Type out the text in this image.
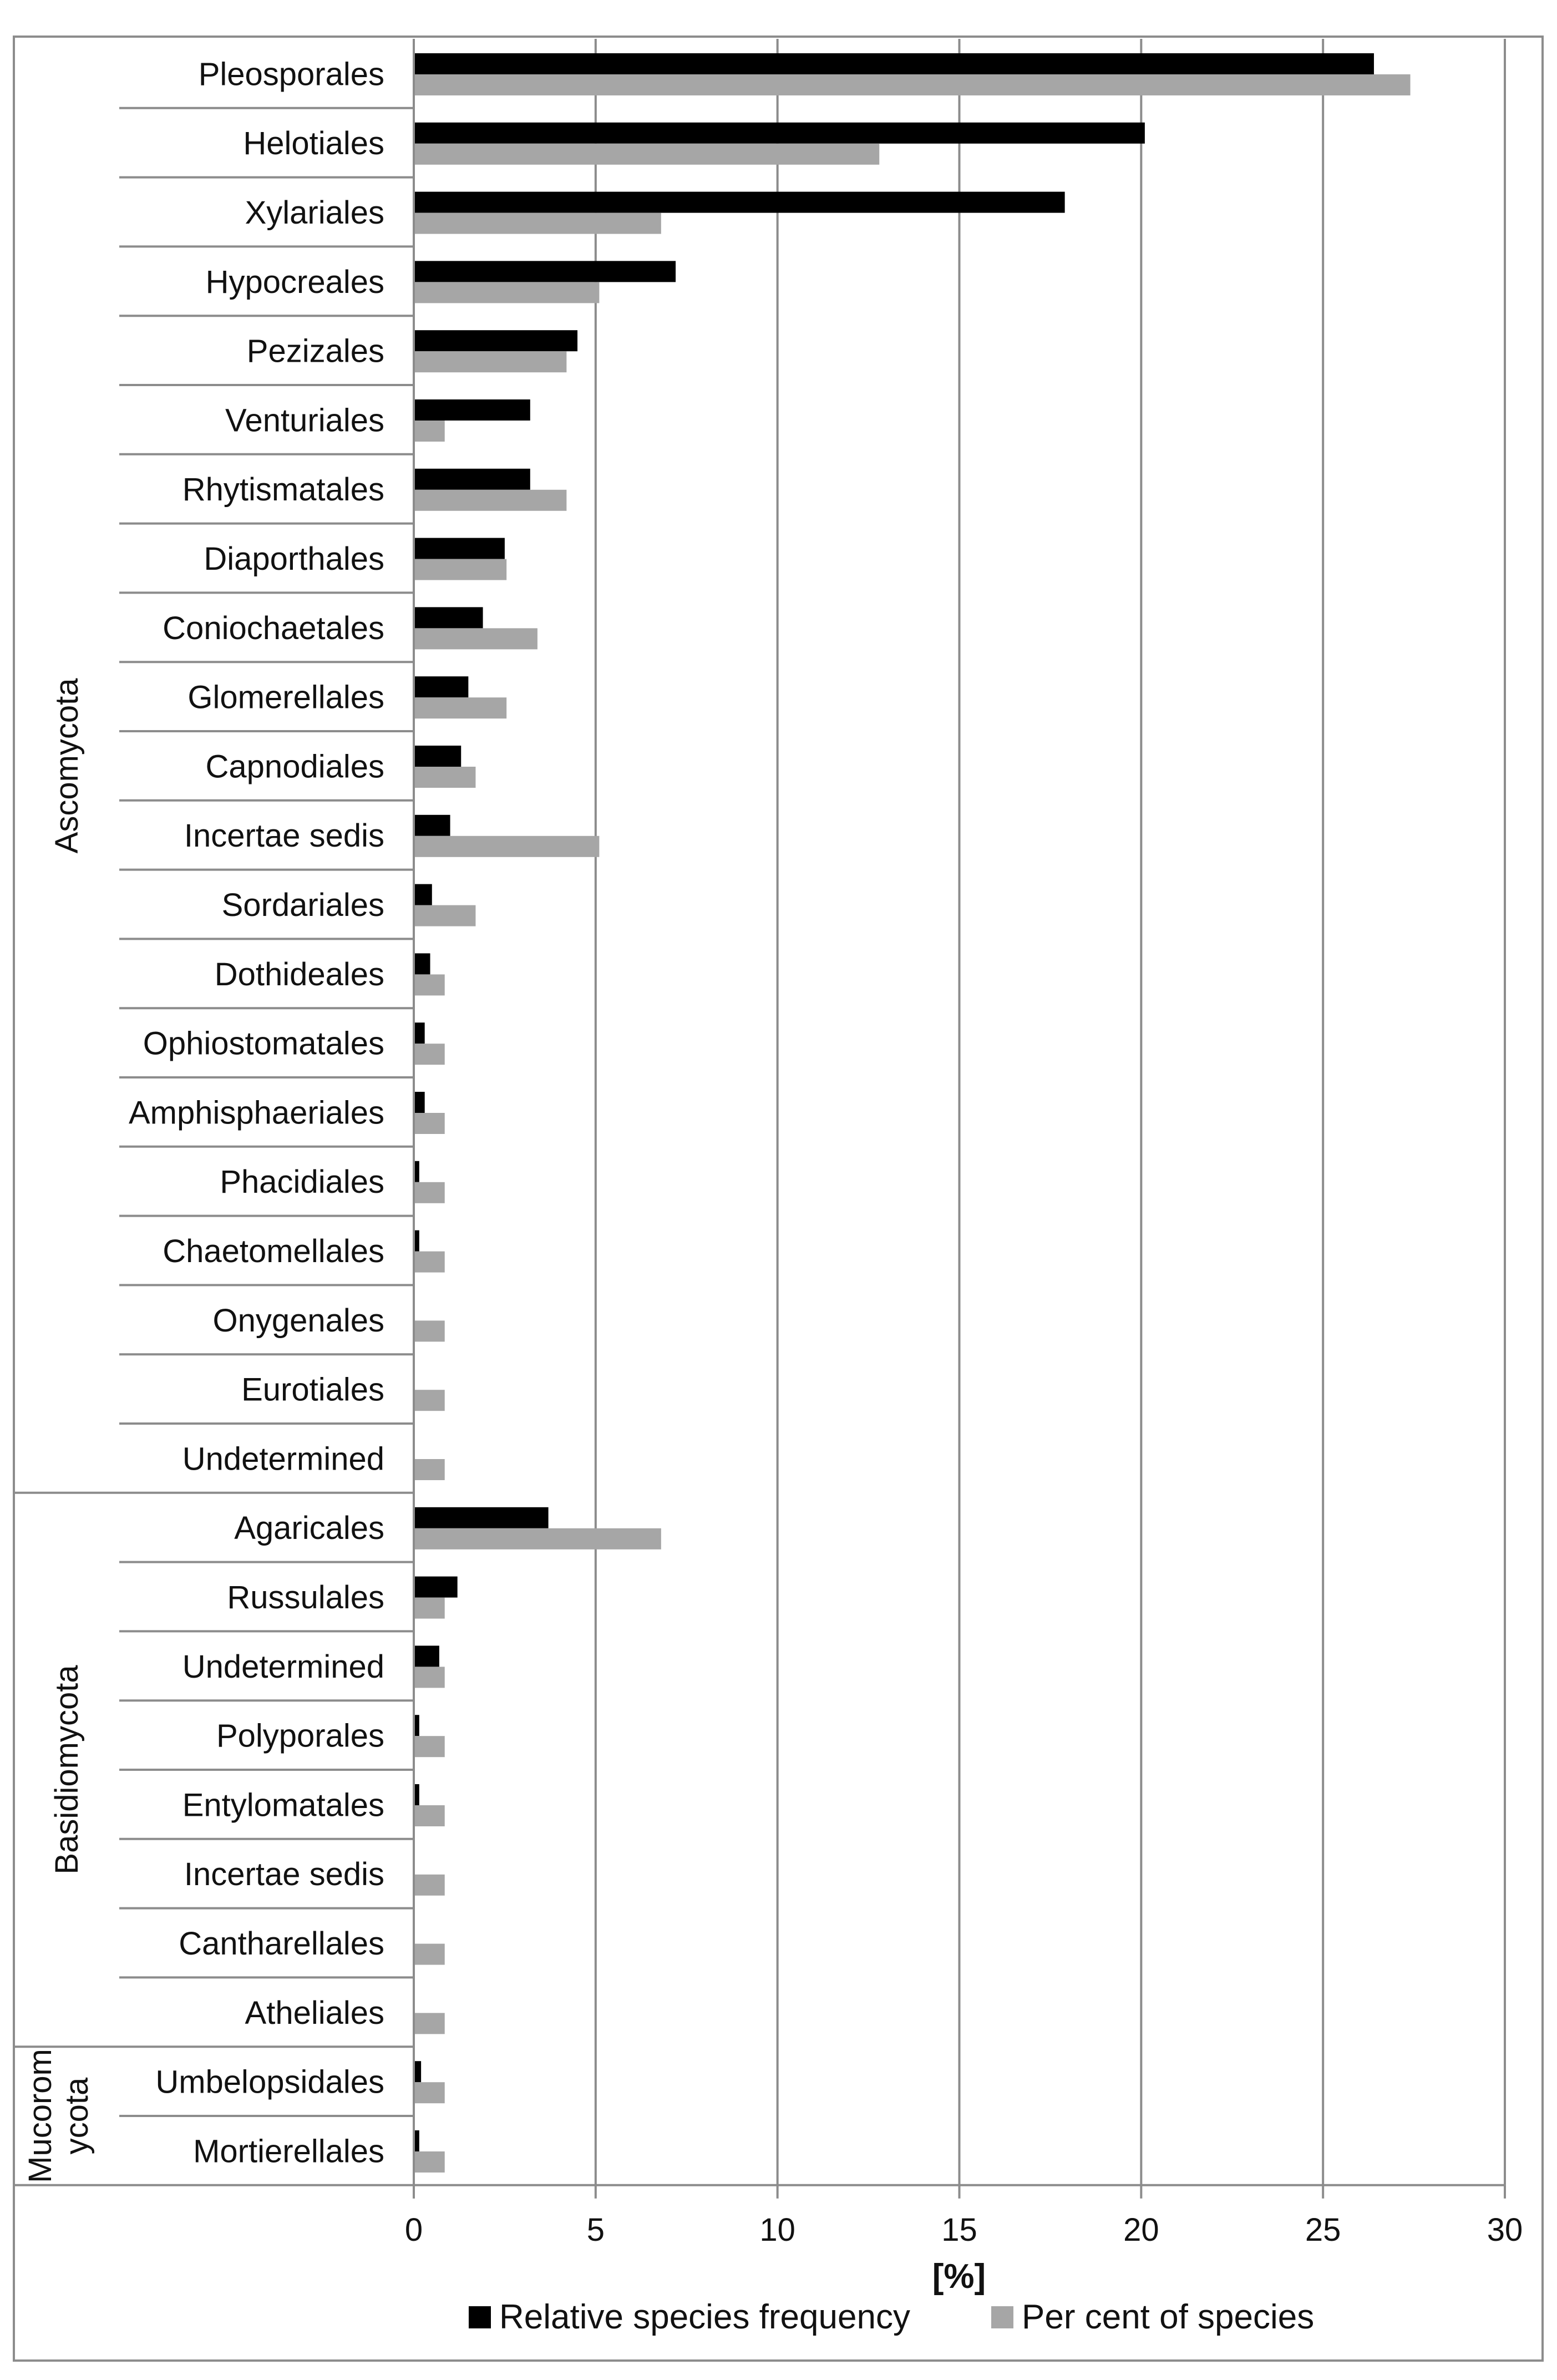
Pleosporales
Helotiales
Xylariales
Hypocreales
Pezizales
Venturiales
Rhytismatales
Diaporthales
Coniochaetales
Glomerellales
Capnodiales
Incertae sedis
Sordariales
Dothideales
Ophiostomatales
Amphisphaeriales
Phacidiales
Chaetomellales
Onygenales
Eurotiales
Undetermined
Agaricales
Russulales
Undetermined
Polyporales
Entylomatales
Incertae sedis
Cantharellales
Atheliales
Umbelopsidales
Mortierellales
Ascomycota
Basidiomycota
Mucoromycota
0	5	10	15	20	25	30
[%]
Relative species frequency	Per cent of species
